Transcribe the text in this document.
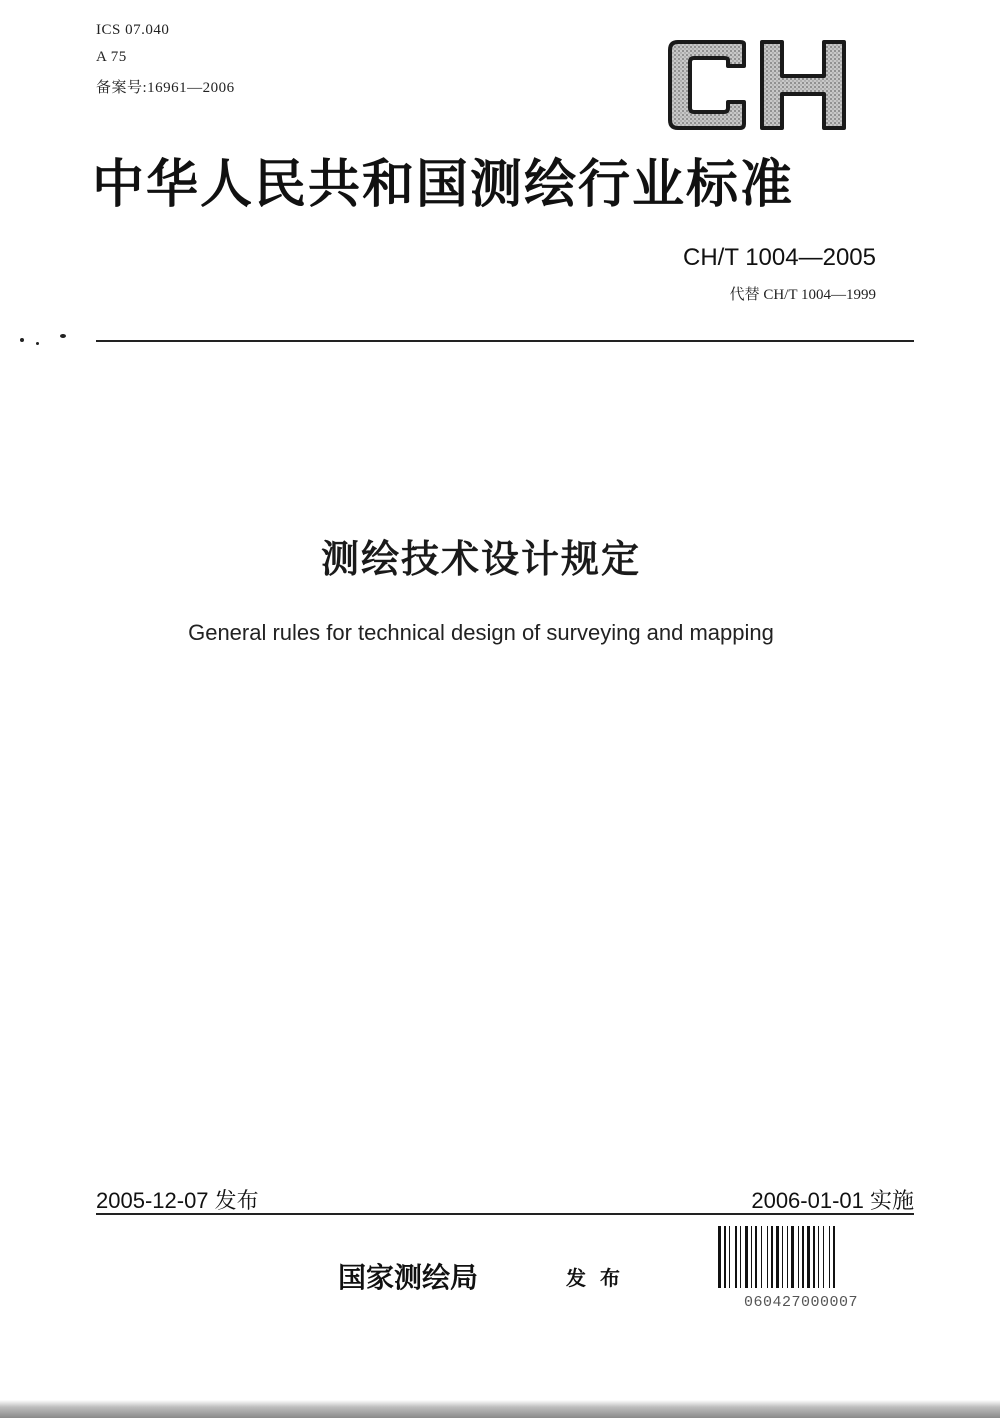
ICS 07.040
A 75
备案号:16961—2006
中华人民共和国测绘行业标准
CH/T 1004—2005
代替 CH/T 1004—1999
测绘技术设计规定
General rules for technical design of surveying and mapping
2005-12-07 发布	2006-01-01 实施
国家测绘局	发布
060427000007
